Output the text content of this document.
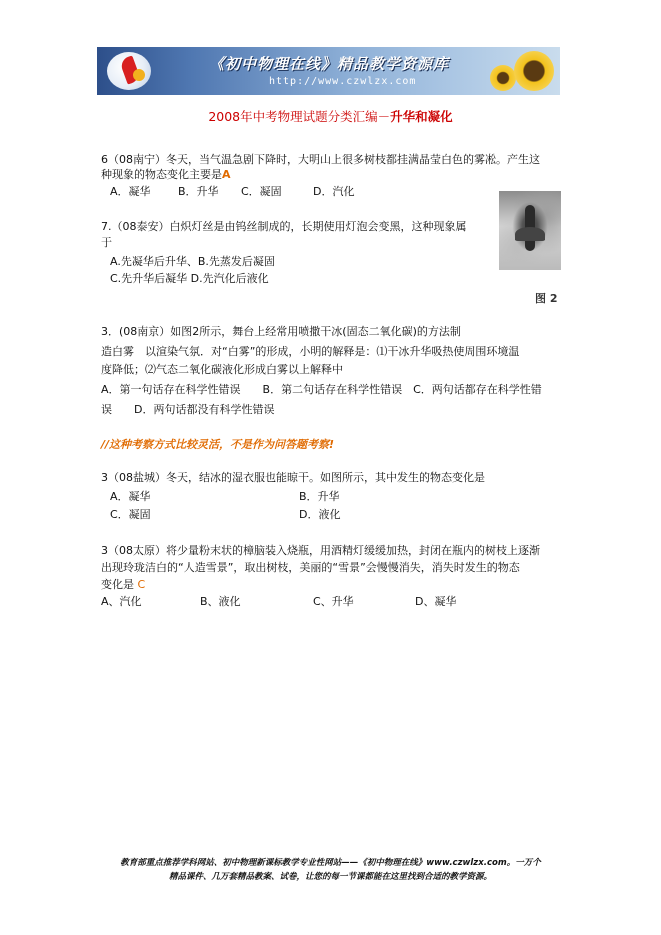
《初中物理在线》精品教学资源库
http://www.czwlzx.com
2008年中考物理试题分类汇编－升华和凝化
6（08南宁）冬天，当气温急剧下降时，大明山上很多树枝都挂满晶莹白色的雾凇。产生这
种现象的物态变化主要是A
A．凝华 B．升华 C．凝固	D．汽化
7.（08泰安）白炽灯丝是由钨丝制成的，长期使用灯泡会变黑，这种现象属
于
A.先凝华后升华、B.先蒸发后凝固
C.先升华后凝华 D.先汽化后液化
图 2
3．(08南京）如图2所示，舞台上经常用喷撒干冰(固态二氧化碳)的方法制
造白雾　以渲染气氛．对“白雾”的形成，小明的解释是：⑴干冰升华吸热使周围环境温
度降低；⑵气态二氧化碳液化形成白雾以上解释中
A．第一句话存在科学性错误　　B．第二句话存在科学性错误　C．两句话都存在科学性错
误　　D．两句话都没有科学性错误
//这种考察方式比较灵活，不是作为问答题考察!
3（08盐城）冬天，结冰的湿衣服也能晾干。如图所示，其中发生的物态变化是
A．凝华	B．升华
C．凝固	D．液化
3（08太原）将少量粉末状的樟脑装入烧瓶，用酒精灯缓缓加热，封闭在瓶内的树枝上逐渐
出现玲珑洁白的“人造雪景”，取出树枝，美丽的“雪景”会慢慢消失，消失时发生的物态
变化是 C
A、汽化	B、液化	C、升华	D、凝华
教育部重点推荐学科网站、初中物理新课标教学专业性网站——《初中物理在线》www.czwlzx.com。一万个
精品课件、几万套精品教案、试卷，让您的每一节课都能在这里找到合适的教学资源。
